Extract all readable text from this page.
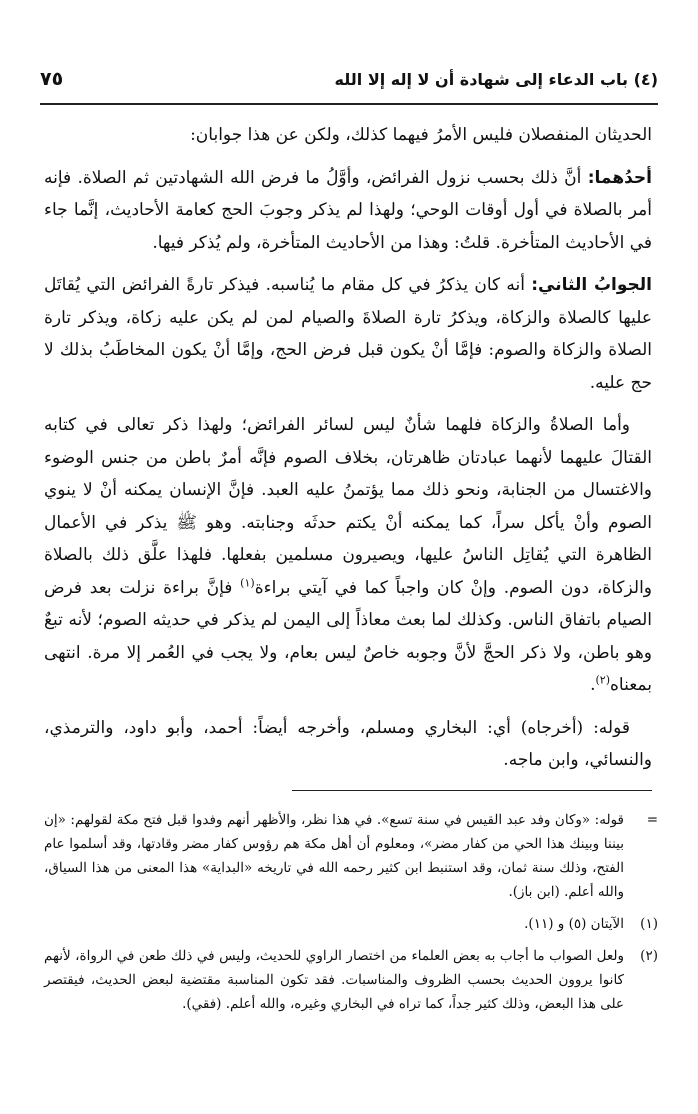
(٤) باب الدعاء إلى شهادة أن لا إله إلا الله
٧٥

الحديثان المنفصلان فليس الأمرُ فيهما كذلك، ولكن عن هذا جوابان:

أحدُهما: أنَّ ذلك بحسب نزول الفرائض، وأوَّلُ ما فرض الله الشهادتين ثم الصلاة. فإنه أمر بالصلاة في أول أوقات الوحي؛ ولهذا لم يذكر وجوبَ الحج كعامة الأحاديث، إنَّما جاء في الأحاديث المتأخرة. قلتُ: وهذا من الأحاديث المتأخرة، ولم يُذكر فيها.

الجوابُ الثاني: أنه كان يذكرُ في كل مقام ما يُناسبه. فيذكر تارةً الفرائض التي يُقاتَل عليها كالصلاة والزكاة، ويذكرُ تارة الصلاةَ والصيام لمن لم يكن عليه زكاة، ويذكر تارة الصلاة والزكاة والصوم: فإمَّا أنْ يكون قبل فرض الحج، وإمَّا أنْ يكون المخاطَبُ بذلك لا حج عليه.

وأما الصلاةُ والزكاة فلهما شأنٌ ليس لسائر الفرائض؛ ولهذا ذكر تعالى في كتابه القتالَ عليهما لأنهما عبادتان ظاهرتان، بخلاف الصوم فإنَّه أمرٌ باطن من جنس الوضوء والاغتسال من الجنابة، ونحو ذلك مما يؤتمنُ عليه العبد. فإنَّ الإنسان يمكنه أنْ لا ينوي الصوم وأنْ يأكل سراً، كما يمكنه أنْ يكتم حدثَه وجنابته. وهو ﷺ يذكر في الأعمال الظاهرة التي يُقاتِل الناسُ عليها، ويصيرون مسلمين بفعلها. فلهذا علَّق ذلك بالصلاة والزكاة، دون الصوم. وإنْ كان واجباً كما في آيتي براءة$^{(١)}$ فإنَّ براءة نزلت بعد فرض الصيام باتفاق الناس. وكذلك لما بعث معاذاً إلى اليمن لم يذكر في حديثه الصوم؛ لأنه تبعٌ وهو باطن، ولا ذكر الحجَّ لأنَّ وجوبه خاصٌ ليس بعام، ولا يجب في العُمر إلا مرة. انتهى بمعناه$^{(٢)}$.

قوله: (أخرجاه) أي: البخاري ومسلم، وأخرجه أيضاً: أحمد، وأبو داود، والترمذي، والنسائي، وابن ماجه.

=
قوله: «وكان وفد عبد القيس في سنة تسع». في هذا نظر، والأظهر أنهم وفدوا قبل فتح مكة لقولهم: «إن بيننا وبينك هذا الحي من كفار مضر»، ومعلوم أن أهل مكة هم رؤوس كفار مضر وقادتها، وقد أسلموا عام الفتح، وذلك سنة ثمان، وقد استنبط ابن كثير رحمه الله في تاريخه «البداية» هذا المعنى من هذا السياق، والله أعلم. (ابن باز).
(١)
الآيتان (٥) و (١١).
(٢)
ولعل الصواب ما أجاب به بعض العلماء من اختصار الراوي للحديث، وليس في ذلك طعن في الرواة، لأنهم كانوا يروون الحديث بحسب الظروف والمناسبات. فقد تكون المناسبة مقتضية لبعض الحديث، فيقتصر على هذا البعض، وذلك كثير جداً، كما تراه في البخاري وغيره، والله أعلم. (فقي).
